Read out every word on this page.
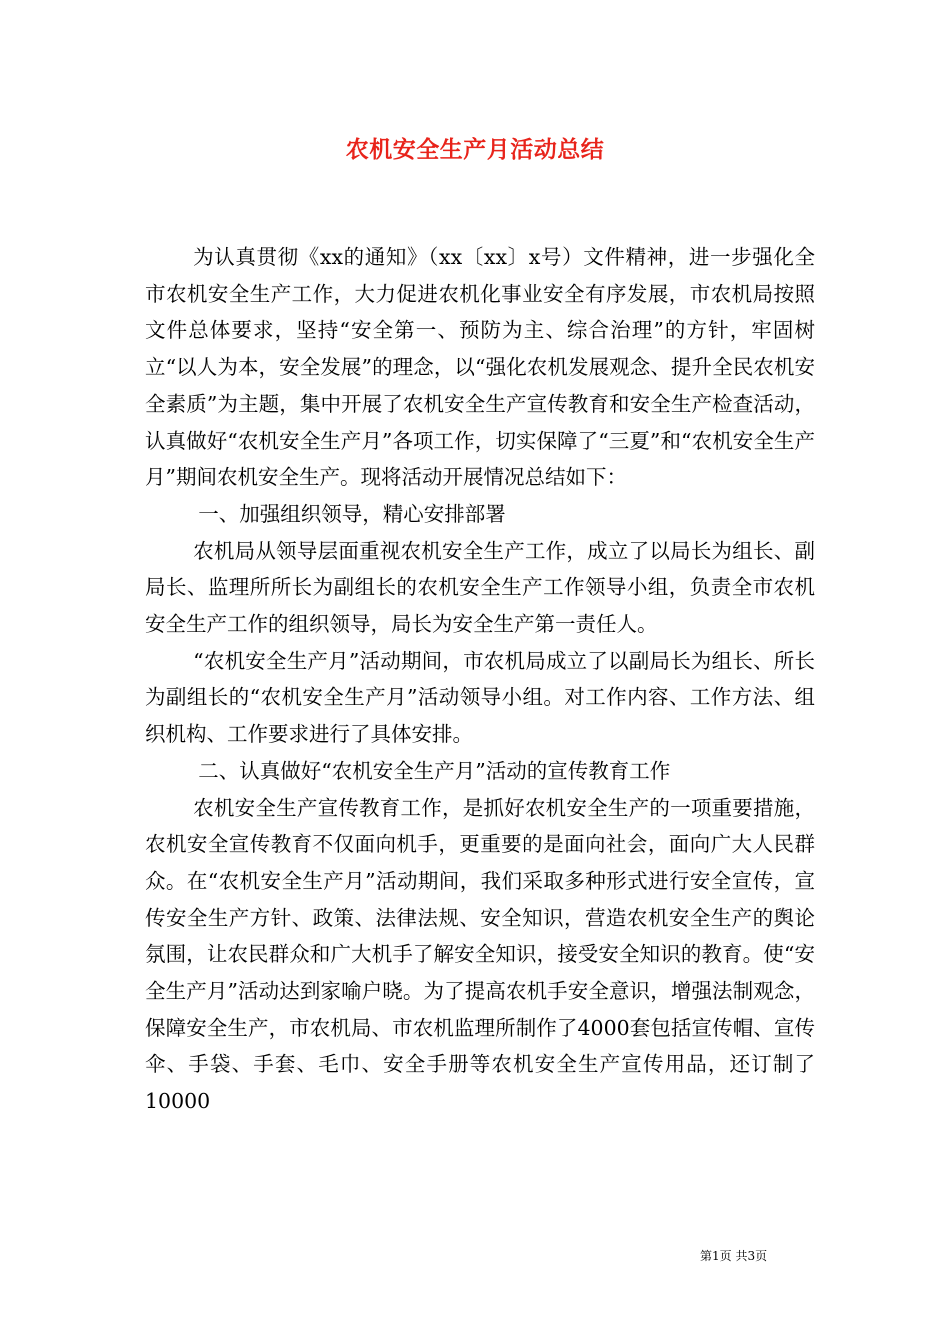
农机安全生产月活动总结

为认真贯彻《xx的通知》（xx〔xx〕x号）文件精神，进一步强化全市农机安全生产工作，大力促进农机化事业安全有序发展，市农机局按照文件总体要求，坚持“安全第一、预防为主、综合治理”的方针，牢固树立“以人为本，安全发展”的理念，以“强化农机发展观念、提升全民农机安全素质”为主题，集中开展了农机安全生产宣传教育和安全生产检查活动，认真做好“农机安全生产月”各项工作，切实保障了“三夏”和“农机安全生产月”期间农机安全生产。现将活动开展情况总结如下：

一、加强组织领导，精心安排部署

农机局从领导层面重视农机安全生产工作，成立了以局长为组长、副局长、监理所所长为副组长的农机安全生产工作领导小组，负责全市农机安全生产工作的组织领导，局长为安全生产第一责任人。

“农机安全生产月”活动期间，市农机局成立了以副局长为组长、所长为副组长的“农机安全生产月”活动领导小组。对工作内容、工作方法、组织机构、工作要求进行了具体安排。

二、认真做好“农机安全生产月”活动的宣传教育工作

农机安全生产宣传教育工作，是抓好农机安全生产的一项重要措施，农机安全宣传教育不仅面向机手，更重要的是面向社会，面向广大人民群众。在“农机安全生产月”活动期间，我们采取多种形式进行安全宣传，宣传安全生产方针、政策、法律法规、安全知识，营造农机安全生产的舆论氛围，让农民群众和广大机手了解安全知识，接受安全知识的教育。使“安全生产月”活动达到家喻户晓。为了提高农机手安全意识，增强法制观念，保障安全生产，市农机局、市农机监理所制作了4000套包括宣传帽、宣传伞、手袋、手套、毛巾、安全手册等农机安全生产宣传用品，还订制了10000

第1页 共3页
